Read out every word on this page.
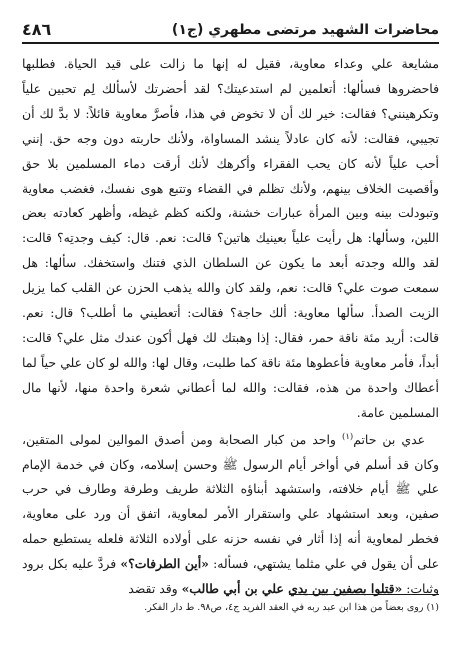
محاضرات الشهيد مرتضى مطهري (ج١)
٤٨٦

مشايعة علي وعداء معاوية، فقيل له إنها ما زالت على قيد الحياة. فطلبها فاحضروها فسألها: أتعلمين لم استدعيتك؟ لقد أحضرتك لأسألك لِم تحبين علياً وتكرهينني؟ فقالت: خير لك أن لا تخوض في هذا، فأصرَّ معاوية قائلاً: لا بدَّ لك أن تجيبي، فقالت: لأنه كان عادلاً ينشد المساواة، ولأنك حاربته دون وجه حق. إنني أحب علياً لأنه كان يحب الفقراء وأكرهك لأنك أرقت دماء المسلمين بلا حق وأقصيت الخلاف بينهم، ولأنك تظلم في القضاء وتتبع هوى نفسك، فغضب معاوية وتبودلت بينه وبين المرأة عبارات خشنة، ولكنه كظم غيظه، وأظهر كعادته بعض اللين، وسألها: هل رأيت علياً بعينيك هاتين؟ قالت: نعم. قال: كيف وجدتِه؟ قالت: لقد والله وجدته أبعد ما يكون عن السلطان الذي فتنك واستخفك. سألها: هل سمعت صوت علي؟ قالت: نعم، ولقد كان والله يذهب الحزن عن القلب كما يزيل الزيت الصدأ. سألها معاوية: ألك حاجة؟ فقالت: أتعطيني ما أطلب؟ قال: نعم. قالت: أريد مئة ناقة حمر، فقال: إذا وهبتك لك فهل أكون عندك مثل علي؟ قالت: أبداً، فأمر معاوية فأعطوها مئة ناقة كما طلبت، وقال لها: والله لو كان علي حياً لما أعطاك واحدة من هذه، فقالت: والله لما أعطاني شعرة واحدة منها، لأنها مال المسلمين عامة.

عدي بن حاتم$^{(١)}$ واحد من كبار الصحابة ومن أصدق الموالين لمولى المتقين، وكان قد أسلم في أواخر أيام الرسول ﷺ وحسن إسلامه، وكان في خدمة الإمام علي ﷺ أيام خلافته، واستشهد أبناؤه الثلاثة طريف وطرفة وطارف في حرب صفين، وبعد استشهاد علي واستقرار الأمر لمعاوية، اتفق أن ورد على معاوية، فخطر لمعاوية أنه إذا أثار في نفسه حزنه على أولاده الثلاثة فلعله يستطيع حمله على أن يقول في علي مثلما يشتهي، فسأله: «أين الطرفات؟» فردَّ عليه بكل برود وثبات: «قتلوا بصفين بين يدي علي بن أبي طالب» وقد تقضد

(١) روى بعضاً من هذا ابن عبد ربه في العقد الفريد ج٤، ص٩٨. ط دار الفكر.
